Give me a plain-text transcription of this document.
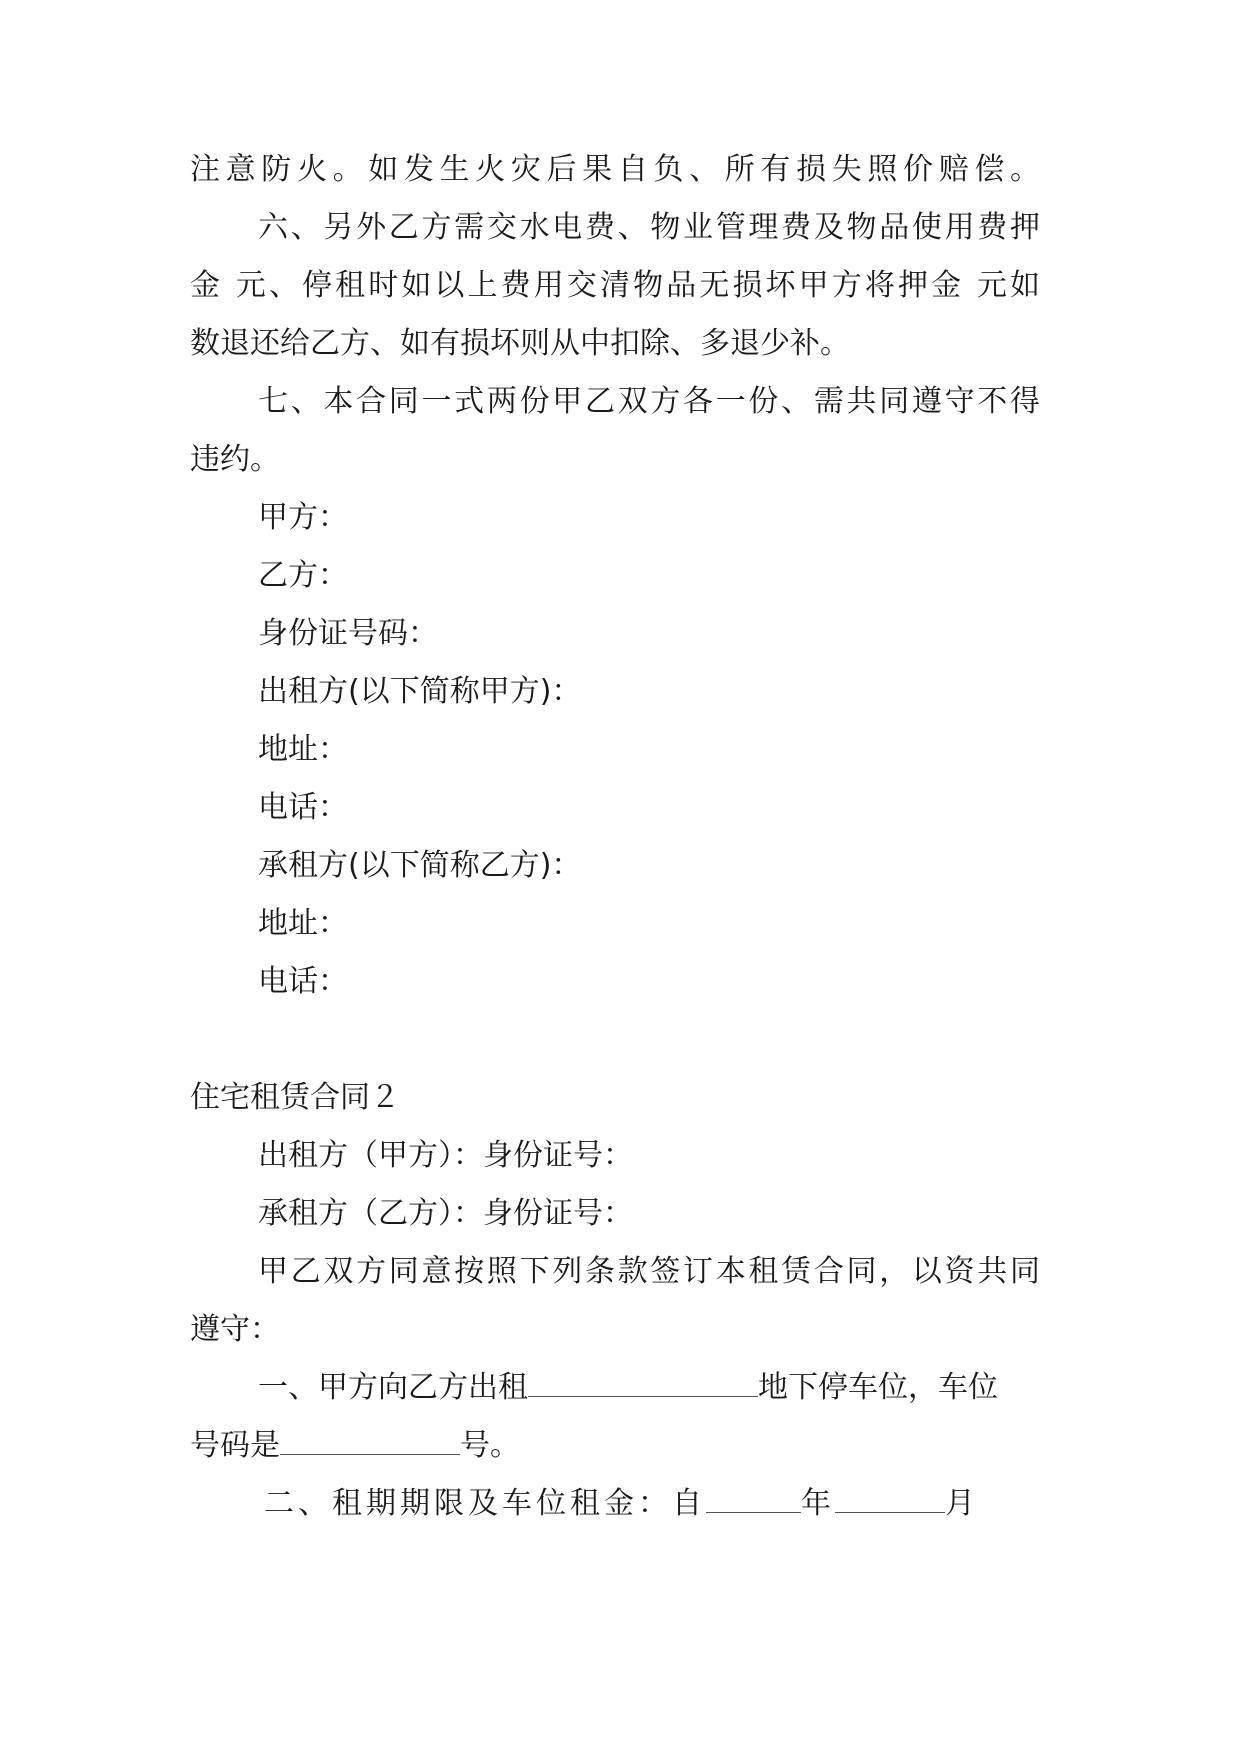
注意防火。如发生火灾后果自负、所有损失照价赔偿。
六、另外乙方需交水电费、物业管理费及物品使用费押
金 元、停租时如以上费用交清物品无损坏甲方将押金 元如
数退还给乙方、如有损坏则从中扣除、多退少补。
七、本合同一式两份甲乙双方各一份、需共同遵守不得
违约。
甲方：
乙方：
身份证号码：
出租方(以下简称甲方)：
地址：
电话：
承租方(以下简称乙方)：
地址：
电话：
住宅租赁合同２
出租方（甲方）：身份证号：
承租方（乙方）：身份证号：
甲乙双方同意按照下列条款签订本租赁合同，以资共同
遵守：
一、甲方向乙方出租	地下停车位，车位
号码是	号。
二、租期期限及车位租金：自	年	月
